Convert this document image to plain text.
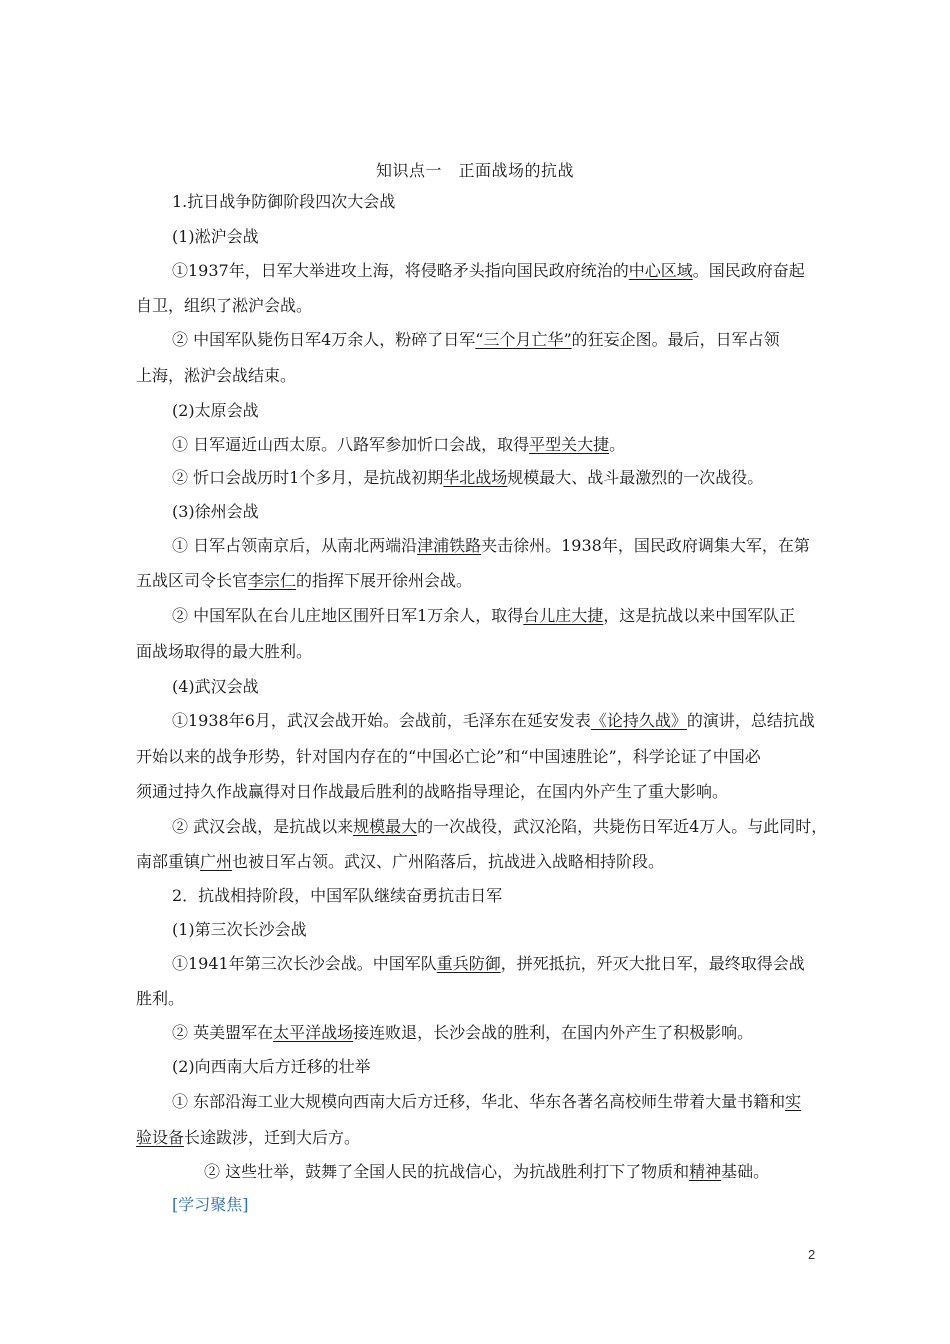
知识点一　正面战场的抗战
1.抗日战争防御阶段四次大会战
(1)淞沪会战
①1937年，日军大举进攻上海，将侵略矛头指向国民政府统治的中心区域。国民政府奋起
自卫，组织了淞沪会战。
② 中国军队毙伤日军4万余人，粉碎了日军“三个月亡华”的狂妄企图。最后，日军占领
上海，淞沪会战结束。
(2)太原会战
① 日军逼近山西太原。八路军参加忻口会战，取得平型关大捷。
② 忻口会战历时1个多月，是抗战初期华北战场规模最大、战斗最激烈的一次战役。
(3)徐州会战
① 日军占领南京后，从南北两端沿津浦铁路夹击徐州。1938年，国民政府调集大军，在第
五战区司令长官李宗仁的指挥下展开徐州会战。
② 中国军队在台儿庄地区围歼日军1万余人，取得台儿庄大捷，这是抗战以来中国军队正
面战场取得的最大胜利。
(4)武汉会战
①1938年6月，武汉会战开始。会战前，毛泽东在延安发表《论持久战》的演讲，总结抗战
开始以来的战争形势，针对国内存在的“中国必亡论”和“中国速胜论”，科学论证了中国必
须通过持久作战赢得对日作战最后胜利的战略指导理论，在国内外产生了重大影响。
② 武汉会战，是抗战以来规模最大的一次战役，武汉沦陷，共毙伤日军近4万人。与此同时，
南部重镇广州也被日军占领。武汉、广州陷落后，抗战进入战略相持阶段。
2．抗战相持阶段，中国军队继续奋勇抗击日军
(1)第三次长沙会战
①1941年第三次长沙会战。中国军队重兵防御，拼死抵抗，歼灭大批日军，最终取得会战
胜利。
② 英美盟军在太平洋战场接连败退，长沙会战的胜利，在国内外产生了积极影响。
(2)向西南大后方迁移的壮举
① 东部沿海工业大规模向西南大后方迁移，华北、华东各著名高校师生带着大量书籍和实
验设备长途跋涉，迁到大后方。
② 这些壮举，鼓舞了全国人民的抗战信心，为抗战胜利打下了物质和精神基础。
[学习聚焦]
2
